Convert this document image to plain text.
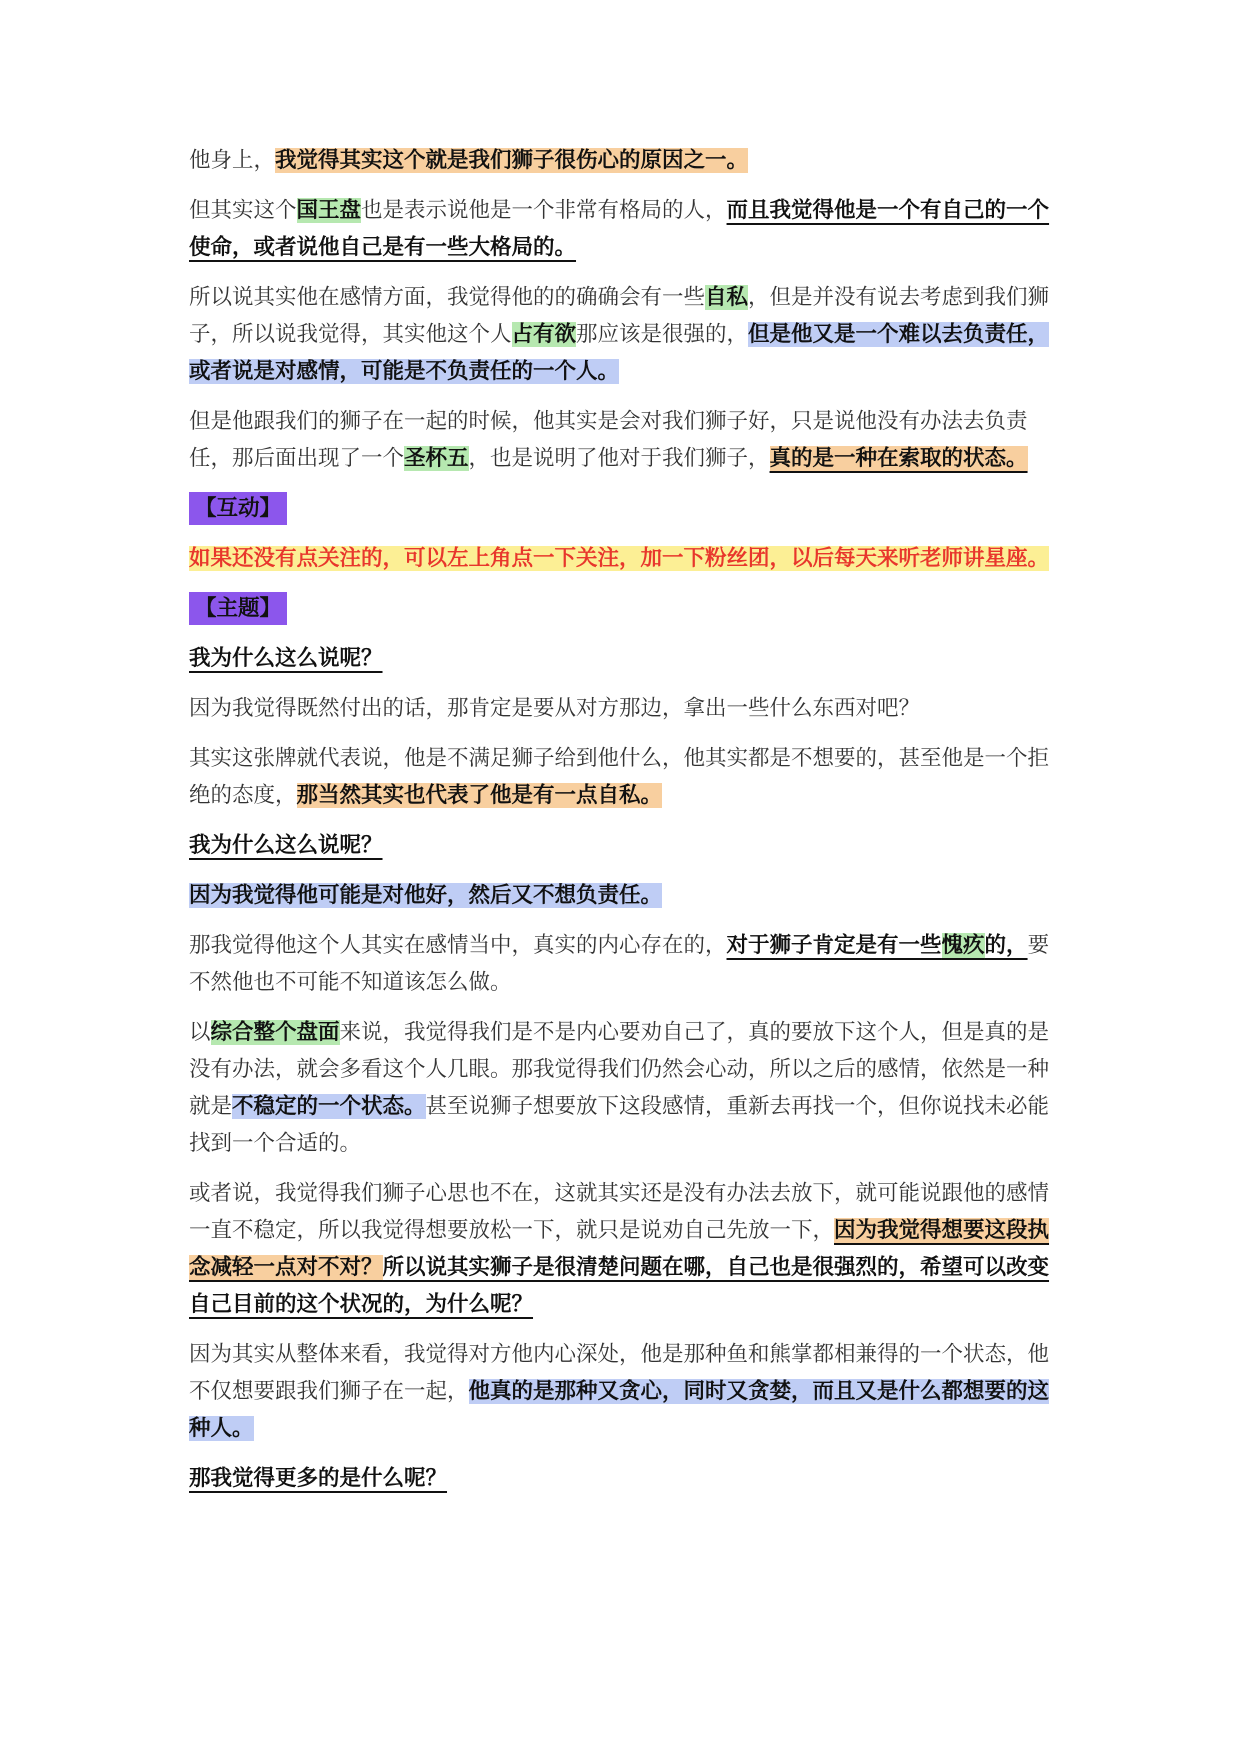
他身上，我觉得其实这个就是我们狮子很伤心的原因之一。

但其实这个国王盘也是表示说他是一个非常有格局的人，而且我觉得他是一个有自己的一个使命，或者说他自己是有一些大格局的。

所以说其实他在感情方面，我觉得他的的确确会有一些自私，但是并没有说去考虑到我们狮子，所以说我觉得，其实他这个人占有欲那应该是很强的，但是他又是一个难以去负责任，或者说是对感情，可能是不负责任的一个人。

但是他跟我们的狮子在一起的时候，他其实是会对我们狮子好，只是说他没有办法去负责任，那后面出现了一个圣杯五，也是说明了他对于我们狮子，真的是一种在索取的状态。

【互动】

如果还没有点关注的，可以左上角点一下关注，加一下粉丝团，以后每天来听老师讲星座。

【主题】

我为什么这么说呢？

因为我觉得既然付出的话，那肯定是要从对方那边，拿出一些什么东西对吧？

其实这张牌就代表说，他是不满足狮子给到他什么，他其实都是不想要的，甚至他是一个拒绝的态度，那当然其实也代表了他是有一点自私。

我为什么这么说呢？

因为我觉得他可能是对他好，然后又不想负责任。

那我觉得他这个人其实在感情当中，真实的内心存在的，对于狮子肯定是有一些愧疚的，要不然他也不可能不知道该怎么做。

以综合整个盘面来说，我觉得我们是不是内心要劝自己了，真的要放下这个人，但是真的是没有办法，就会多看这个人几眼。那我觉得我们仍然会心动，所以之后的感情，依然是一种就是不稳定的一个状态。甚至说狮子想要放下这段感情，重新去再找一个，但你说找未必能找到一个合适的。

或者说，我觉得我们狮子心思也不在，这就其实还是没有办法去放下，就可能说跟他的感情一直不稳定，所以我觉得想要放松一下，就只是说劝自己先放一下，因为我觉得想要这段执念减轻一点对不对？所以说其实狮子是很清楚问题在哪，自己也是很强烈的，希望可以改变自己目前的这个状况的，为什么呢？

因为其实从整体来看，我觉得对方他内心深处，他是那种鱼和熊掌都相兼得的一个状态，他不仅想要跟我们狮子在一起，他真的是那种又贪心，同时又贪婪，而且又是什么都想要的这种人。

那我觉得更多的是什么呢？
